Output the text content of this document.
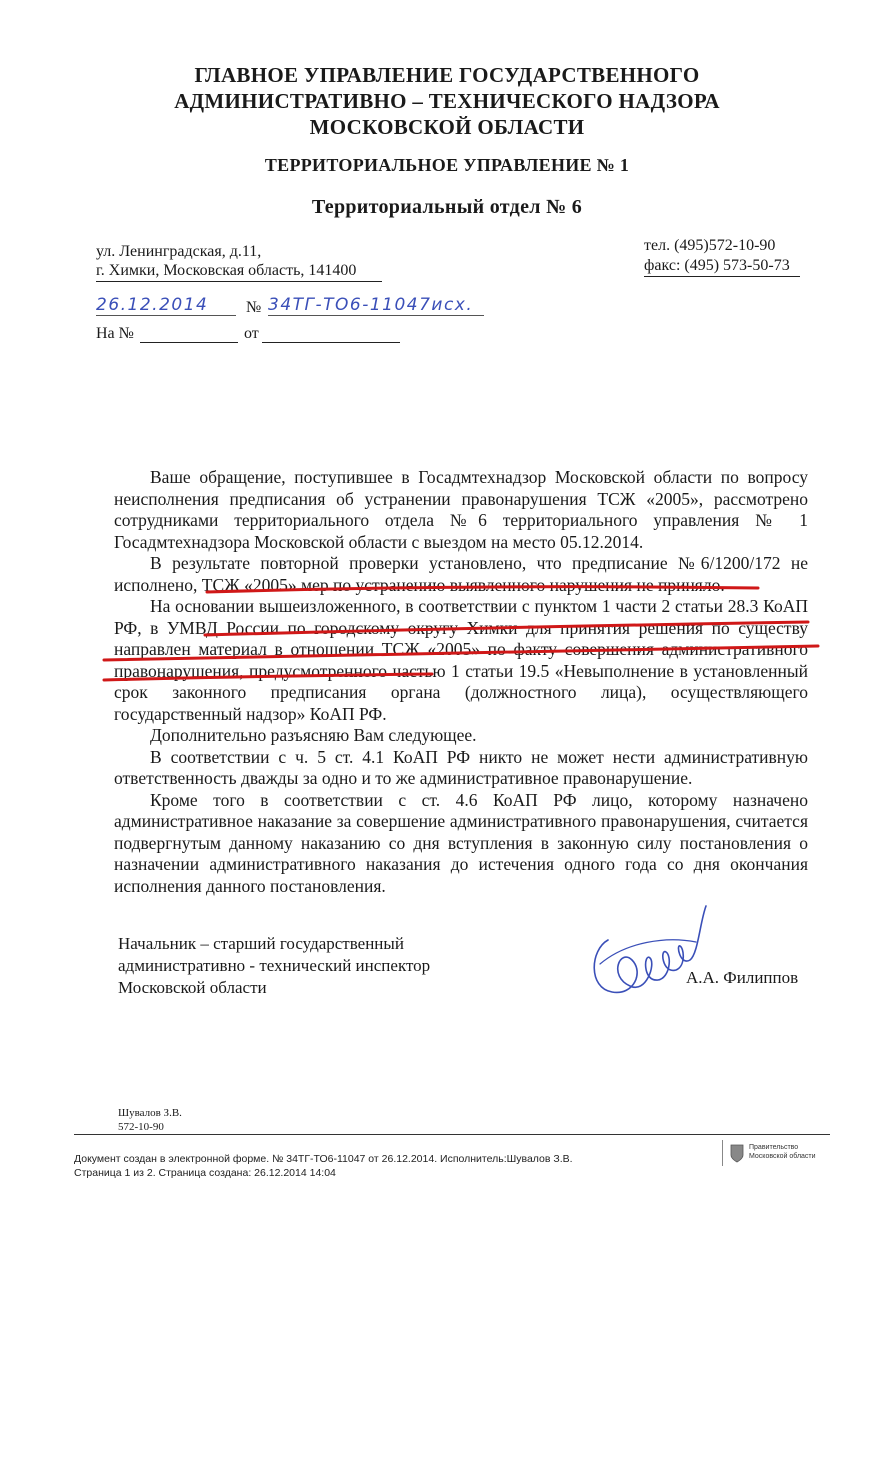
ГЛАВНОЕ УПРАВЛЕНИЕ ГОСУДАРСТВЕННОГО
АДМИНИСТРАТИВНО – ТЕХНИЧЕСКОГО НАДЗОРА
МОСКОВСКОЙ ОБЛАСТИ
ТЕРРИТОРИАЛЬНОЕ УПРАВЛЕНИЕ № 1
Территориальный отдел № 6
ул. Ленинградская, д.11,
г. Химки, Московская область, 141400
тел. (495)572-10-90
факс: (495) 573-50-73
26.12.2014	№ 34ТГ-ТО6-11047исх.
На №	от

Ваше обращение, поступившее в Госадмтехнадзор Московской области по вопросу неисполнения предписания об устранении правонарушения ТСЖ «2005», рассмотрено сотрудниками территориального отдела №6 территориального управления № 1 Госадмтехнадзора Московской области с выездом на место 05.12.2014.

В результате повторной проверки установлено, что предписание №6/1200/172 не исполнено, ТСЖ «2005» мер по устранению выявленного нарушения не приняло.

На основании вышеизложенного, в соответствии с пунктом 1 части 2 статьи 28.3 КоАП РФ, в УМВД России по городскому округу Химки для принятия решения по существу направлен материал в отношении ТСЖ «2005» по факту совершения административного правонарушения, предусмотренного частью 1 статьи 19.5 «Невыполнение в установленный срок законного предписания органа (должностного лица), осуществляющего государственный надзор» КоАП РФ.

Дополнительно разъясняю Вам следующее.

В соответствии с ч. 5 ст. 4.1 КоАП РФ никто не может нести административную ответственность дважды за одно и то же административное правонарушение.

Кроме того в соответствии с ст. 4.6 КоАП РФ лицо, которому назначено административное наказание за совершение административного правонарушения, считается подвергнутым данному наказанию со дня вступления в законную силу постановления о назначении административного наказания до истечения одного года со дня окончания исполнения данного постановления.

Начальник – старший государственный
административно - технический инспектор
Московской области
А.А. Филиппов
Шувалов З.В.
572-10-90
Документ создан в электронной форме. № 34ТГ-ТО6-11047 от 26.12.2014. Исполнитель:Шувалов З.В.
Страница 1 из 2. Страница создана: 26.12.2014 14:04
Правительство
Московской области
